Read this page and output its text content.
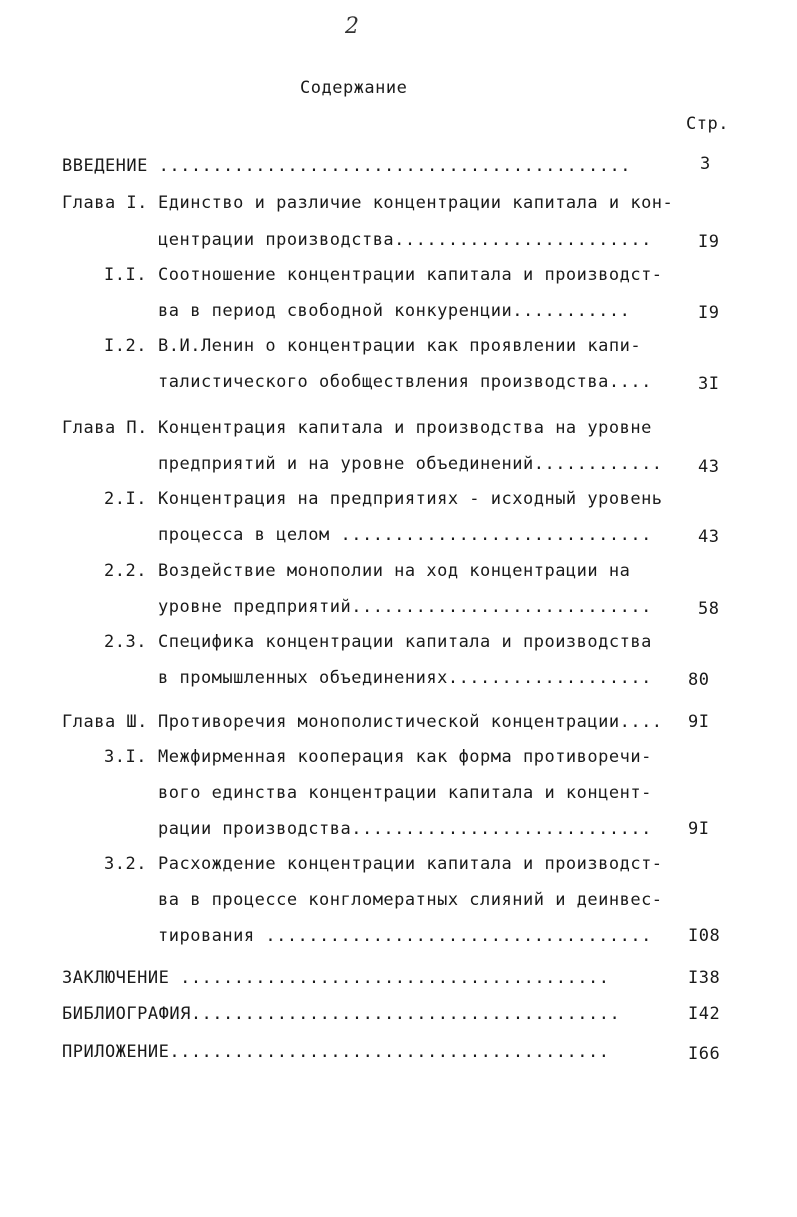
2
Содержание
Стр.
ВВЕДЕНИЕ ............................................	3
Глава I. Единство и различие концентрации капитала и кон-
центрации производства........................	I9
I.I. Соотношение концентрации капитала и производст-
ва в период свободной конкуренции...........	I9
I.2. В.И.Ленин о концентрации как проявлении капи-
талистического обобществления производства....	3I
Глава П. Концентрация капитала и производства на уровне
предприятий и на уровне объединений............ 43
2.I. Концентрация на предприятиях - исходный уровень
процесса в целом .............................	43
2.2. Воздействие монополии на ход концентрации на
уровне предприятий............................	58
2.3. Специфика концентрации капитала и производства
в промышленных объединениях................... 80
Глава Ш. Противоречия монополистической концентрации.... 9I
3.I. Межфирменная кооперация как форма противоречи-
вого единства концентрации капитала и концент-
рации производства............................ 9I
3.2. Расхождение концентрации капитала и производст-
ва в процессе конгломератных слияний и деинвес-
тирования .................................... I08
ЗАКЛЮЧЕНИЕ ........................................	I38
БИБЛИОГРАФИЯ........................................	I42
ПРИЛОЖЕНИЕ.........................................	I66
